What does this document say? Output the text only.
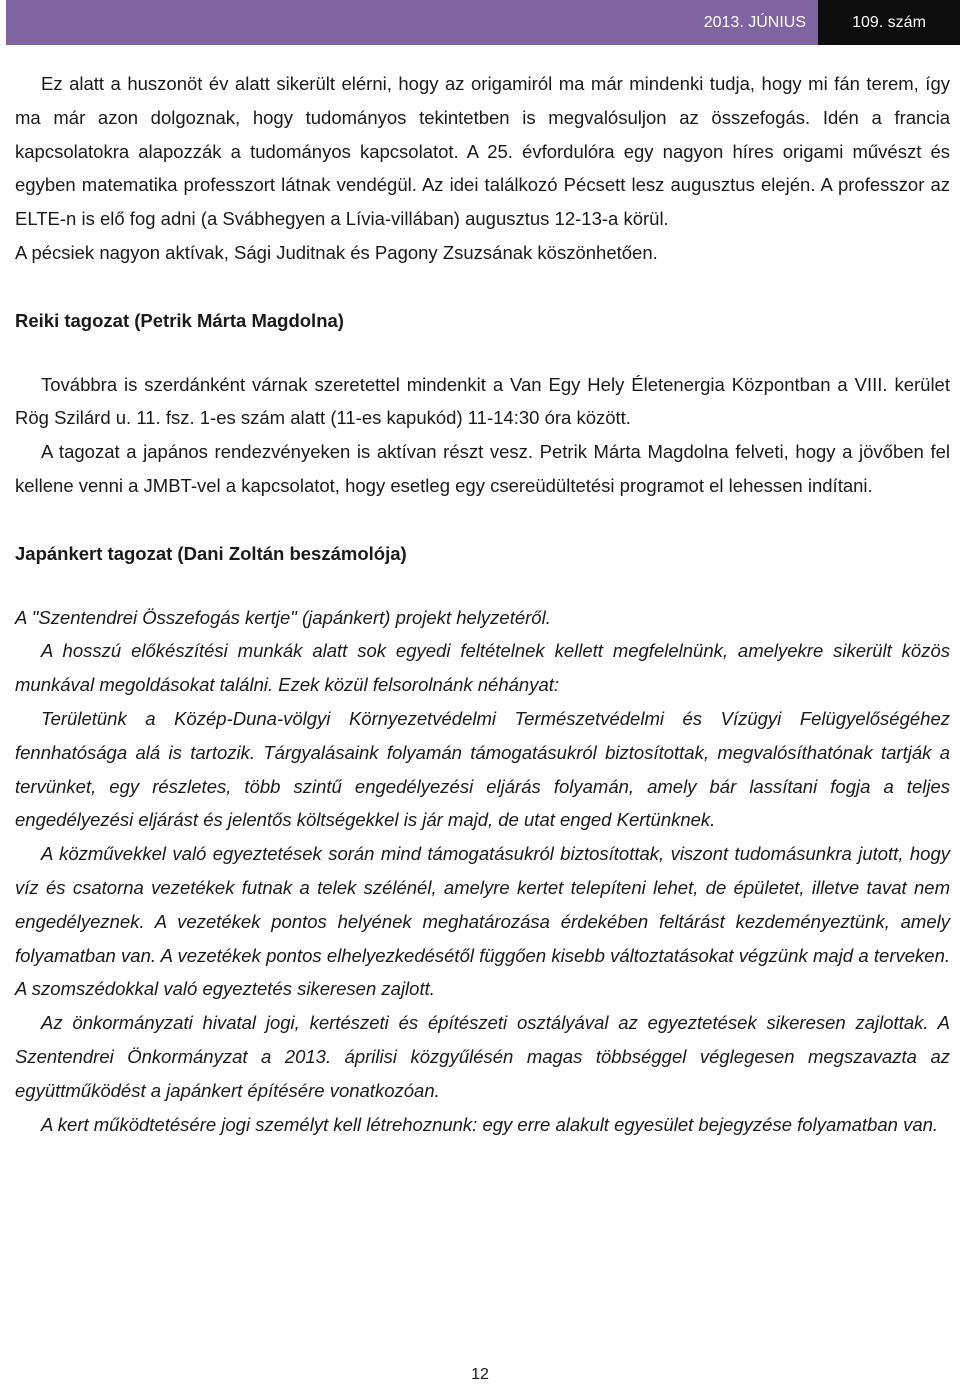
2013. JÚNIUS	109. szám

Ez alatt a huszonöt év alatt sikerült elérni, hogy az origamiról ma már mindenki tudja, hogy mi fán terem, így ma már azon dolgoznak, hogy tudományos tekintetben is megvalósuljon az összefogás. Idén a francia kapcsolatokra alapozzák a tudományos kapcsolatot. A 25. évfordulóra egy nagyon híres origami művészt és egyben matematika professzort látnak vendégül. Az idei találkozó Pécsett lesz augusztus elején. A professzor az ELTE-n is elő fog adni (a Svábhegyen a Lívia-villában) augusztus 12-13-a körül.

A pécsiek nagyon aktívak, Sági Juditnak és Pagony Zsuzsának köszönhetően.

Reiki tagozat (Petrik Márta Magdolna)

Továbbra is szerdánként várnak szeretettel mindenkit a Van Egy Hely Életenergia Központban a VIII. kerület Rög Szilárd u. 11. fsz. 1-es szám alatt (11-es kapukód) 11-14:30 óra között.

A tagozat a japános rendezvényeken is aktívan részt vesz. Petrik Márta Magdolna felveti, hogy a jövőben fel kellene venni a JMBT-vel a kapcsolatot, hogy esetleg egy csereüdültetési programot el lehessen indítani.

Japánkert tagozat (Dani Zoltán beszámolója)

A "Szentendrei Összefogás kertje" (japánkert) projekt helyzetéről.

A hosszú előkészítési munkák alatt sok egyedi feltételnek kellett megfelelnünk, amelyekre sikerült közös munkával megoldásokat találni. Ezek közül felsorolnánk néhányat:

Területünk a Közép-Duna-völgyi Környezetvédelmi Természetvédelmi és Vízügyi Felügyelőségéhez fennhatósága alá is tartozik. Tárgyalásaink folyamán támogatásukról biztosítottak, megvalósíthatónak tartják a tervünket, egy részletes, több szintű engedélyezési eljárás folyamán, amely bár lassítani fogja a teljes engedélyezési eljárást és jelentős költségekkel is jár majd, de utat enged Kertünknek.

A közművekkel való egyeztetések során mind támogatásukról biztosítottak, viszont tudomásunkra jutott, hogy víz és csatorna vezetékek futnak a telek szélénél, amelyre kertet telepíteni lehet, de épületet, illetve tavat nem engedélyeznek. A vezetékek pontos helyének meghatározása érdekében feltárást kezdeményeztünk, amely folyamatban van. A vezetékek pontos elhelyezkedésétől függően kisebb változtatásokat végzünk majd a terveken. A szomszédokkal való egyeztetés sikeresen zajlott.

Az önkormányzati hivatal jogi, kertészeti és építészeti osztályával az egyeztetések sikeresen zajlottak. A Szentendrei Önkormányzat a 2013. áprilisi közgyűlésén magas többséggel véglegesen megszavazta az együttműködést a japánkert építésére vonatkozóan.

A kert működtetésére jogi személyt kell létrehoznunk: egy erre alakult egyesület bejegyzése folyamatban van.

12
